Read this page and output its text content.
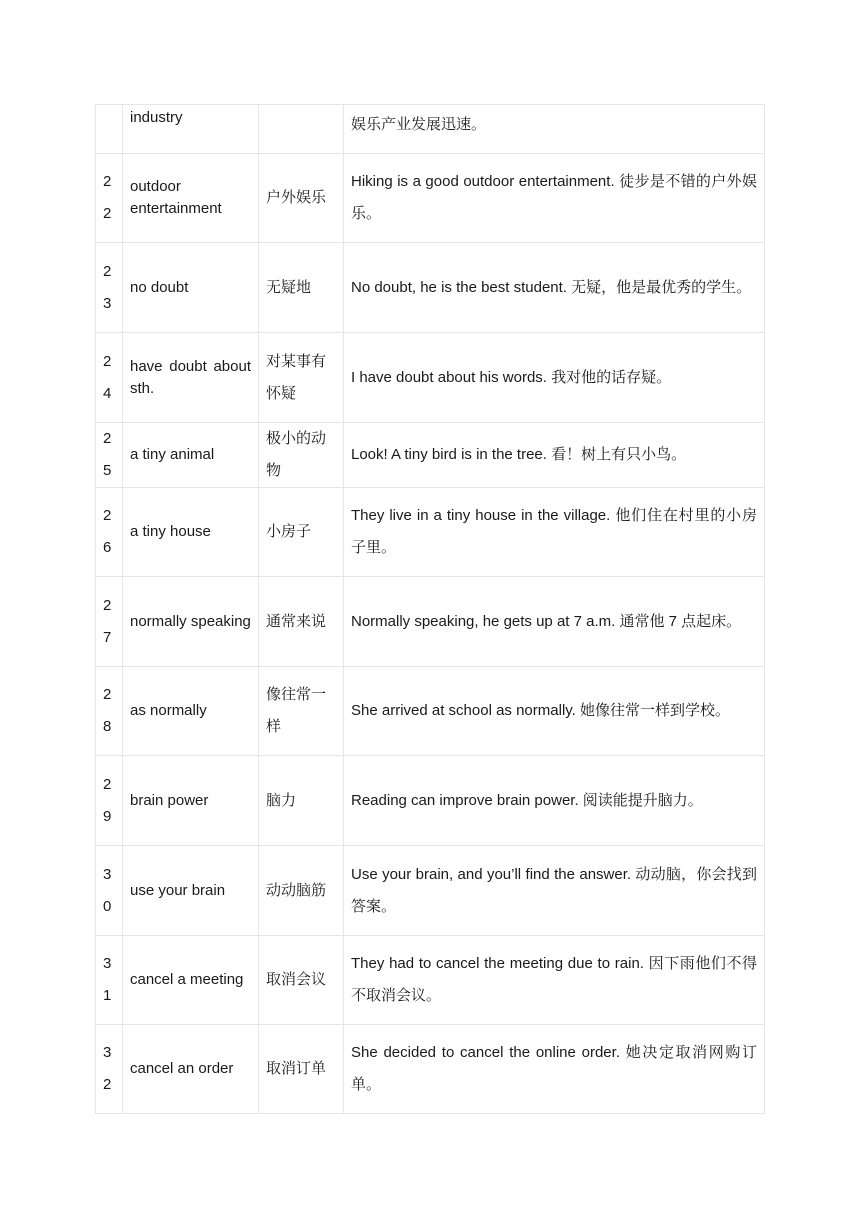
	industry		娱乐产业发展迅速。
22	outdoor entertainment	户外娱乐	Hiking is a good outdoor entertainment. 徒步是不错的户外娱乐。
23	no doubt	无疑地	No doubt, he is the best student. 无疑，他是最优秀的学生。
24	have doubt about sth.	对某事有怀疑	I have doubt about his words. 我对他的话存疑。
25	a tiny animal	极小的动物	Look! A tiny bird is in the tree. 看！树上有只小鸟。
26	a tiny house	小房子	They live in a tiny house in the village. 他们住在村里的小房子里。
27	normally speaking	通常来说	Normally speaking, he gets up at 7 a.m. 通常他 7 点起床。
28	as normally	像往常一样	She arrived at school as normally. 她像往常一样到学校。
29	brain power	脑力	Reading can improve brain power. 阅读能提升脑力。
30	use your brain	动动脑筋	Use your brain, and you’ll find the answer. 动动脑，你会找到答案。
31	cancel a meeting	取消会议	They had to cancel the meeting due to rain. 因下雨他们不得不取消会议。
32	cancel an order	取消订单	She decided to cancel the online order. 她决定取消网购订单。
